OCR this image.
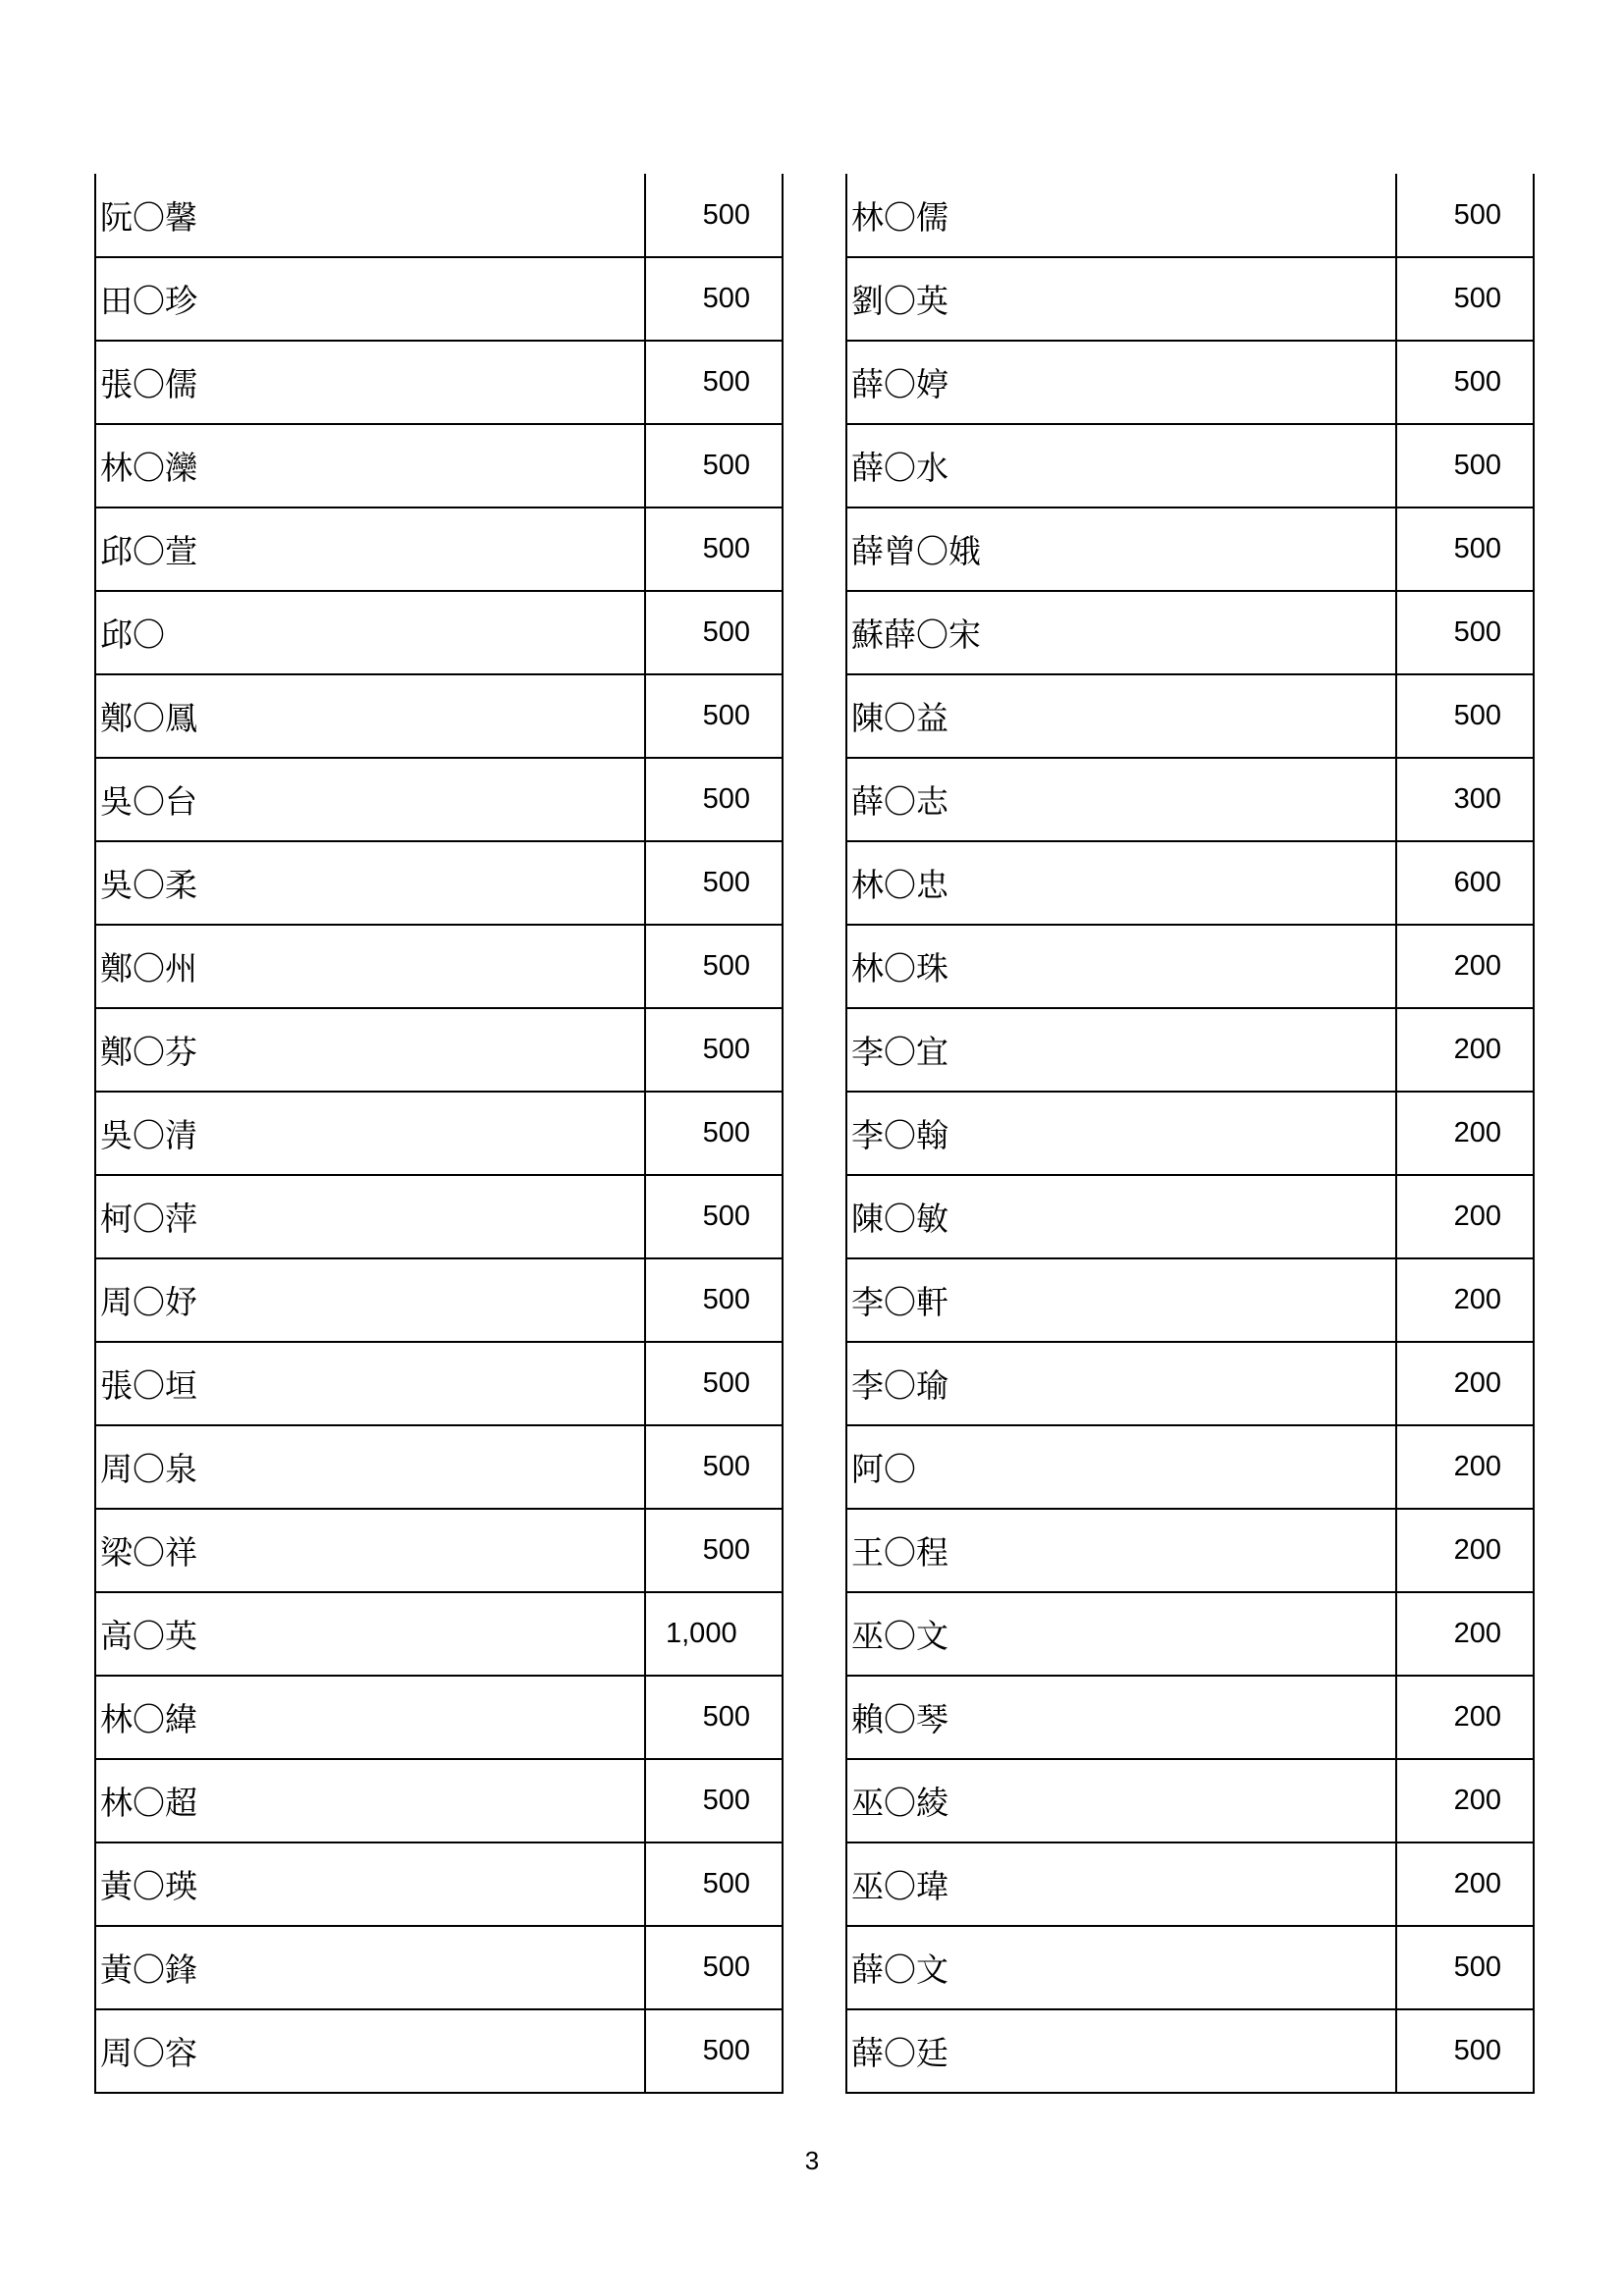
阮〇馨	500
田〇珍	500
張〇儒	500
林〇灤	500
邱〇萱	500
邱〇	500
鄭〇鳳	500
吳〇台	500
吳〇柔	500
鄭〇州	500
鄭〇芬	500
吳〇清	500
柯〇萍	500
周〇妤	500
張〇垣	500
周〇泉	500
梁〇祥	500
高〇英	1,000
林〇緯	500
林〇超	500
黃〇瑛	500
黃〇鋒	500
周〇容	500
林〇儒	500
劉〇英	500
薛〇婷	500
薛〇水	500
薛曾〇娥	500
蘇薛〇宋	500
陳〇益	500
薛〇志	300
林〇忠	600
林〇珠	200
李〇宜	200
李〇翰	200
陳〇敏	200
李〇軒	200
李〇瑜	200
阿〇	200
王〇程	200
巫〇文	200
賴〇琴	200
巫〇綾	200
巫〇瑋	200
薛〇文	500
薛〇廷	500
3
